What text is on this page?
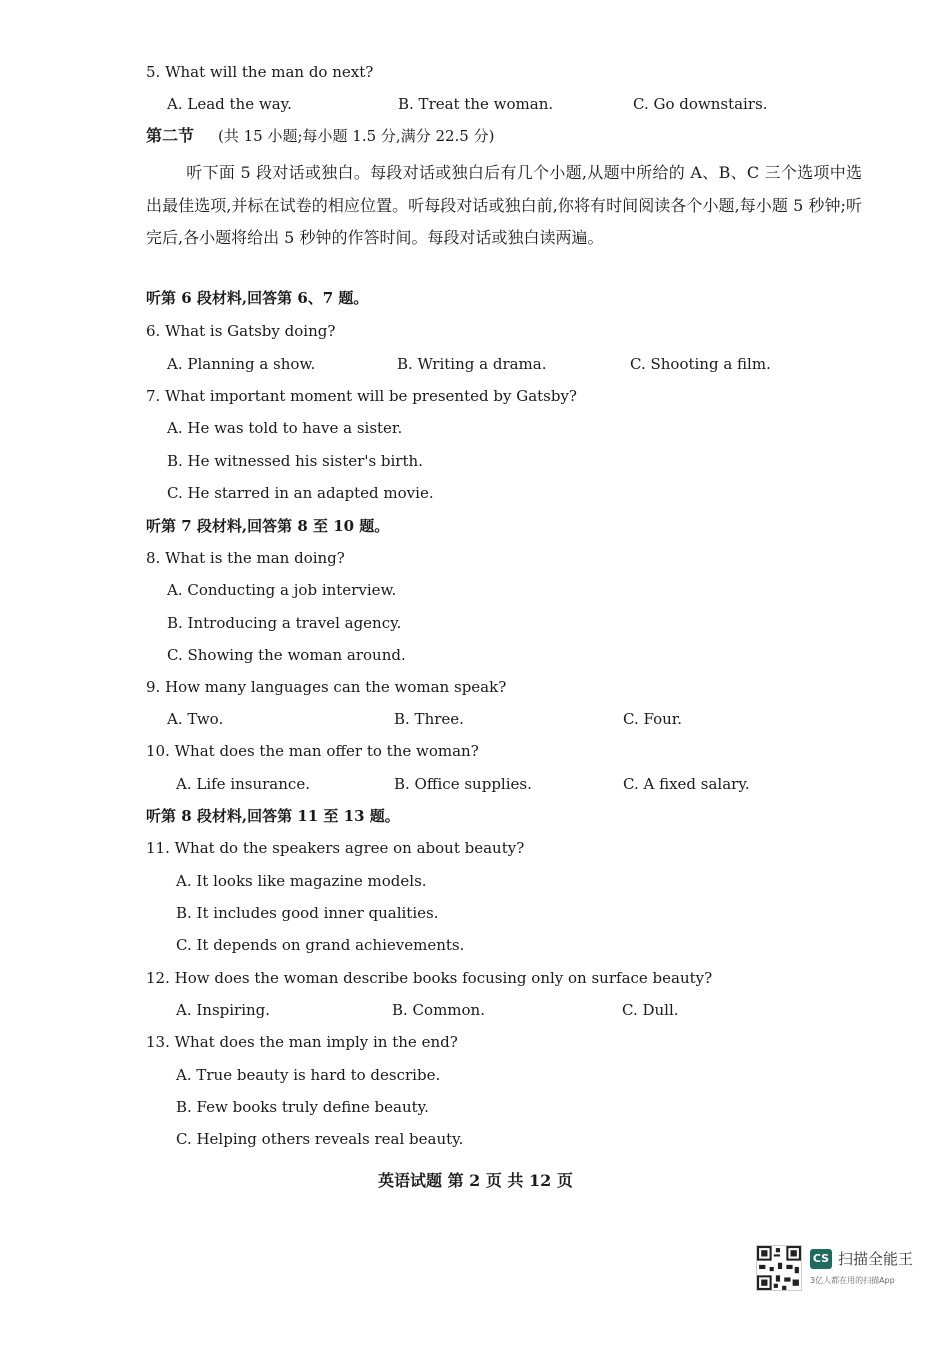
5. What will the man do next?
A. Lead the way.	B. Treat the woman.	C. Go downstairs.
第二节 (共 15 小题;每小题 1.5 分,满分 22.5 分)
听下面 5 段对话或独白。每段对话或独白后有几个小题,从题中所给的 A、B、C 三个选项中选出最佳选项,并标在试卷的相应位置。听每段对话或独白前,你将有时间阅读各个小题,每小题 5 秒钟;听完后,各小题将给出 5 秒钟的作答时间。每段对话或独白读两遍。
听第 6 段材料,回答第 6、7 题。
6. What is Gatsby doing?
A. Planning a show.	B. Writing a drama.	C. Shooting a film.
7. What important moment will be presented by Gatsby?
A. He was told to have a sister.
B. He witnessed his sister's birth.
C. He starred in an adapted movie.
听第 7 段材料,回答第 8 至 10 题。
8. What is the man doing?
A. Conducting a job interview.
B. Introducing a travel agency.
C. Showing the woman around.
9. How many languages can the woman speak?
A. Two.	B. Three.	C. Four.
10. What does the man offer to the woman?
A. Life insurance.	B. Office supplies.	C. A fixed salary.
听第 8 段材料,回答第 11 至 13 题。
11. What do the speakers agree on about beauty?
A. It looks like magazine models.
B. It includes good inner qualities.
C. It depends on grand achievements.
12. How does the woman describe books focusing only on surface beauty?
A. Inspiring.	B. Common.	C. Dull.
13. What does the man imply in the end?
A. True beauty is hard to describe.
B. Few books truly define beauty.
C. Helping others reveals real beauty.
英语试题 第 2 页 共 12 页
CS 扫描全能王
3亿人都在用的扫描App
